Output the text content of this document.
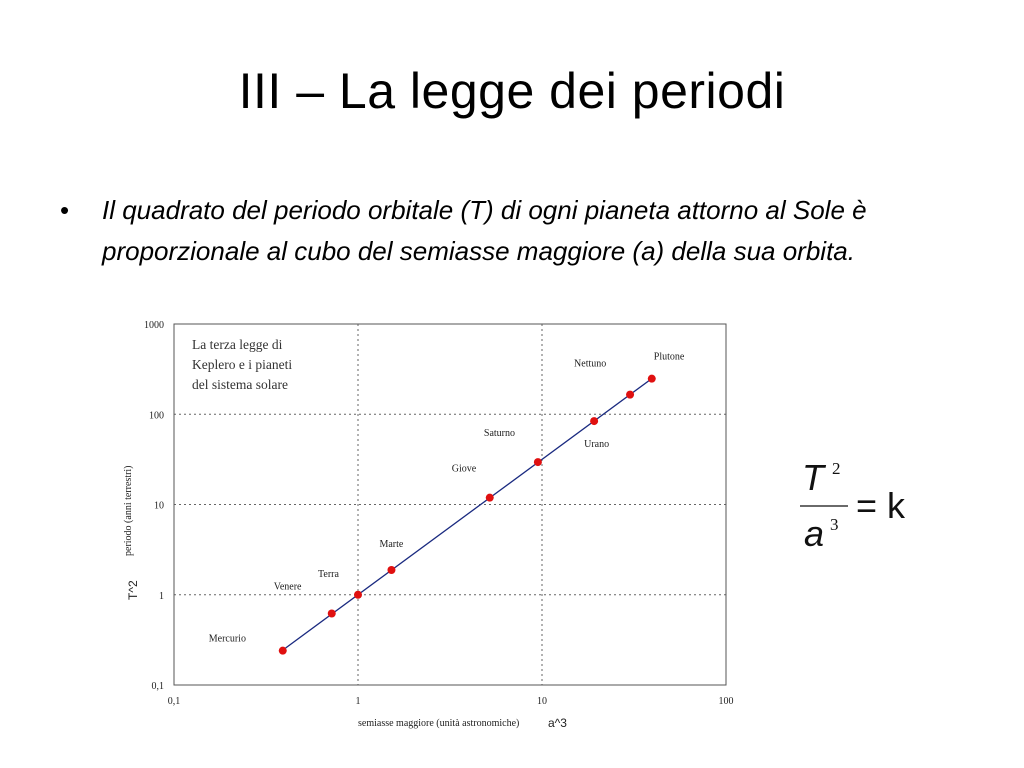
III – La legge dei periodi
• Il quadrato del periodo orbitale (T) di ogni pianeta attorno al Sole è proporzionale al cubo del semiasse maggiore (a) della sua orbita.
0,1
1
10
100
1000
0,1	1	10	100
Mercurio
Venere
Terra
Marte
Giove
Saturno
Urano
Nettuno
Plutone
La terza legge di
Keplero e i pianeti
del sistema solare
semiasse maggiore (unità astronomiche) a^3
periodo (anni terrestri)
T^2
T 2
a 3 = k
